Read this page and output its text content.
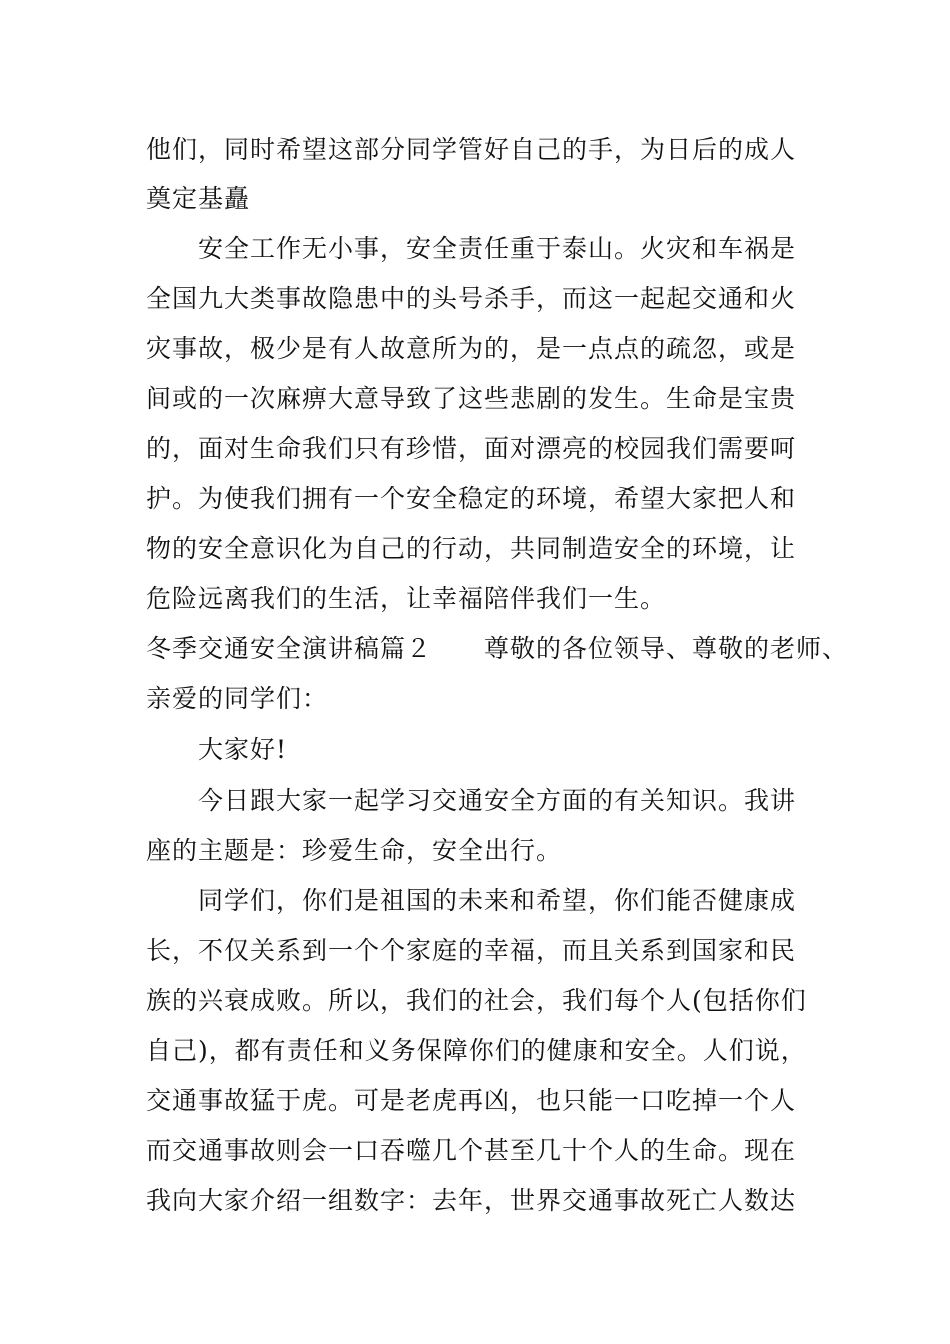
他们，同时希望这部分同学管好自己的手，为日后的成人
奠定基矗
安全工作无小事，安全责任重于泰山。火灾和车祸是
全国九大类事故隐患中的头号杀手，而这一起起交通和火
灾事故，极少是有人故意所为的，是一点点的疏忽，或是
间或的一次麻痹大意导致了这些悲剧的发生。生命是宝贵
的，面对生命我们只有珍惜，面对漂亮的校园我们需要呵
护。为使我们拥有一个安全稳定的环境，希望大家把人和
物的安全意识化为自己的行动，共同制造安全的环境，让
危险远离我们的生活，让幸福陪伴我们一生。
冬季交通安全演讲稿篇２　　尊敬的各位领导、尊敬的老师、
亲爱的同学们：
大家好!
今日跟大家一起学习交通安全方面的有关知识。我讲
座的主题是：珍爱生命，安全出行。
同学们，你们是祖国的未来和希望，你们能否健康成
长，不仅关系到一个个家庭的幸福，而且关系到国家和民
族的兴衰成败。所以，我们的社会，我们每个人(包括你们
自己)，都有责任和义务保障你们的健康和安全。人们说，
交通事故猛于虎。可是老虎再凶，也只能一口吃掉一个人
而交通事故则会一口吞噬几个甚至几十个人的生命。现在
我向大家介绍一组数字：去年，世界交通事故死亡人数达
